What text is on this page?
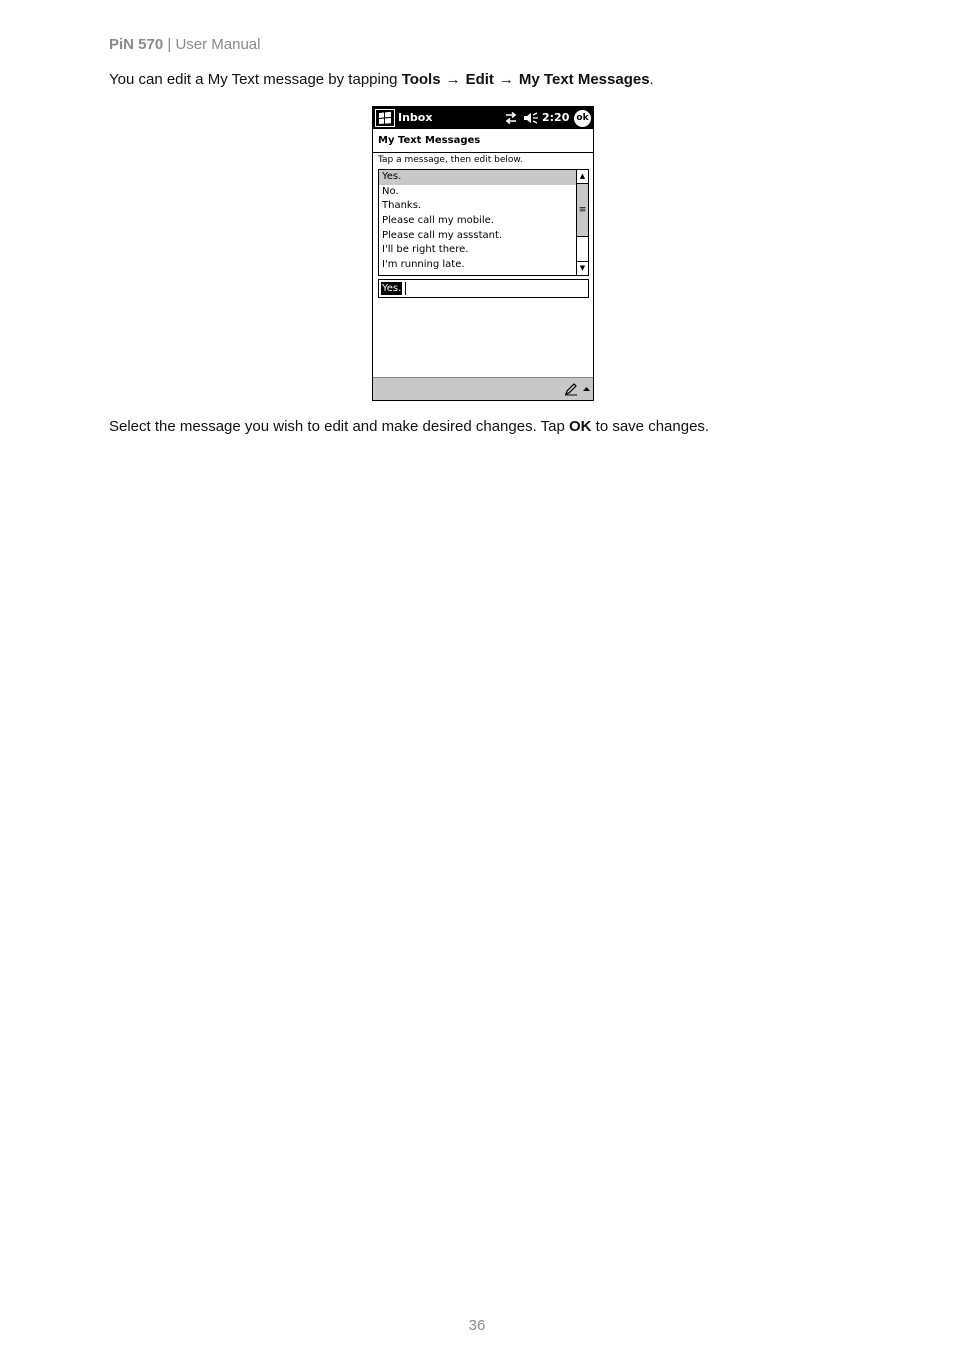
PiN 570 | User Manual
You can edit a My Text message by tapping Tools → Edit → My Text Messages.
Inbox	2:20 ok
My Text Messages
Tap a message, then edit below.
Yes.
No.
Thanks.
Please call my mobile.
Please call my assstant.
I'll be right there.
I'm running late.
▲
≡
▼
Yes.
Select the message you wish to edit and make desired changes. Tap OK to save changes.
36
